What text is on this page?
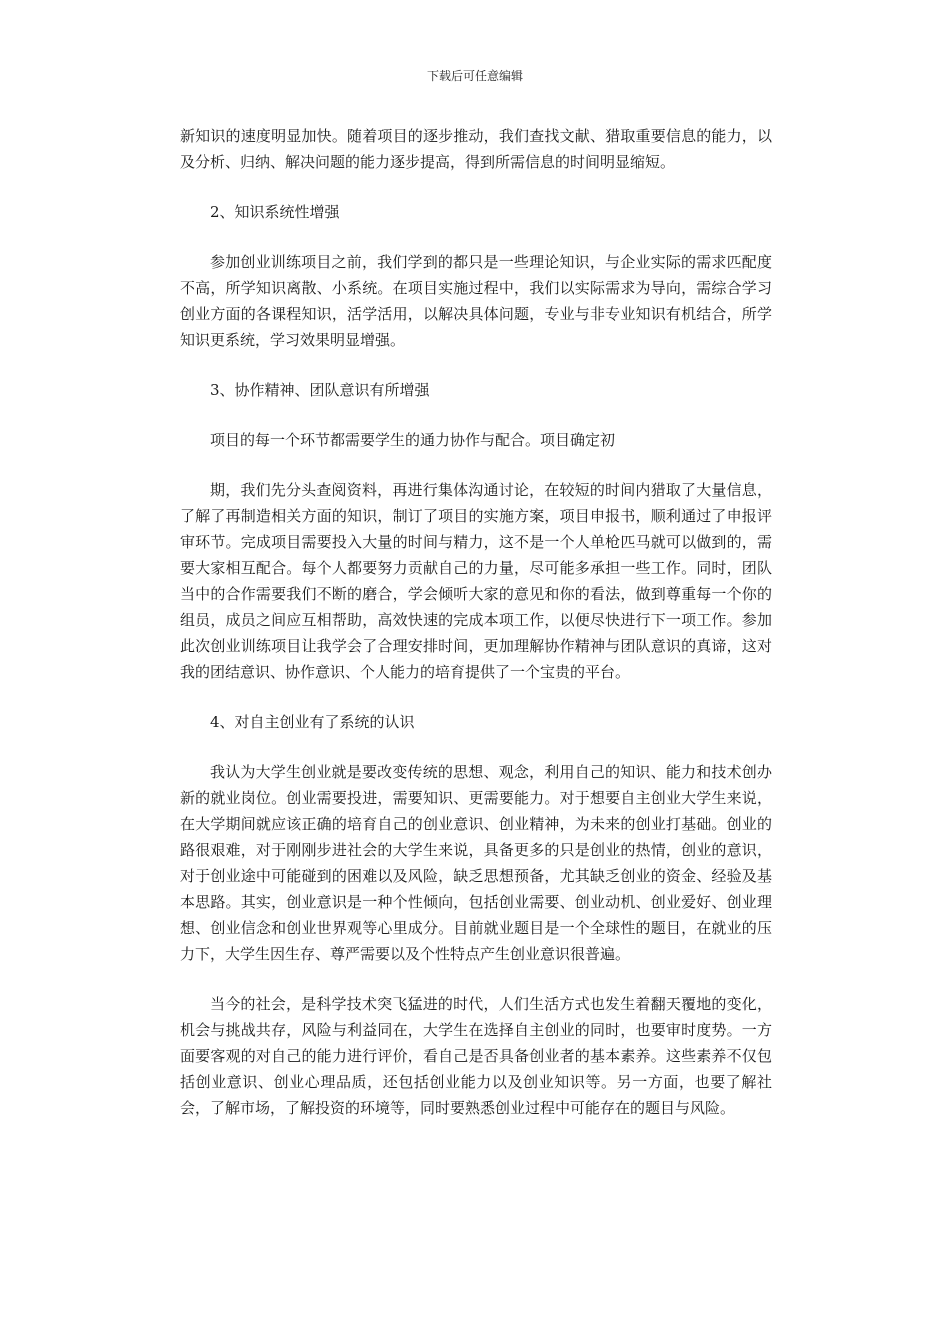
下载后可任意编辑

新知识的速度明显加快。随着项目的逐步推动，我们查找文献、猎取重要信息的能力，以及分析、归纳、解决问题的能力逐步提高，得到所需信息的时间明显缩短。

2、知识系统性增强

参加创业训练项目之前，我们学到的都只是一些理论知识，与企业实际的需求匹配度不高，所学知识离散、小系统。在项目实施过程中，我们以实际需求为导向，需综合学习创业方面的各课程知识，活学活用，以解决具体问题，专业与非专业知识有机结合，所学知识更系统，学习效果明显增强。

3、协作精神、团队意识有所增强

项目的每一个环节都需要学生的通力协作与配合。项目确定初

期，我们先分头查阅资料，再进行集体沟通讨论，在较短的时间内猎取了大量信息，了解了再制造相关方面的知识，制订了项目的实施方案，项目申报书，顺利通过了申报评审环节。完成项目需要投入大量的时间与精力，这不是一个人单枪匹马就可以做到的，需要大家相互配合。每个人都要努力贡献自己的力量，尽可能多承担一些工作。同时，团队当中的合作需要我们不断的磨合，学会倾听大家的意见和你的看法，做到尊重每一个你的组员，成员之间应互相帮助，高效快速的完成本项工作，以便尽快进行下一项工作。参加此次创业训练项目让我学会了合理安排时间，更加理解协作精神与团队意识的真谛，这对我的团结意识、协作意识、个人能力的培育提供了一个宝贵的平台。

4、对自主创业有了系统的认识

我认为大学生创业就是要改变传统的思想、观念，利用自己的知识、能力和技术创办新的就业岗位。创业需要投进，需要知识、更需要能力。对于想要自主创业大学生来说，在大学期间就应该正确的培育自己的创业意识、创业精神，为未来的创业打基础。创业的路很艰难，对于刚刚步进社会的大学生来说，具备更多的只是创业的热情，创业的意识，对于创业途中可能碰到的困难以及风险，缺乏思想预备，尤其缺乏创业的资金、经验及基本思路。其实，创业意识是一种个性倾向，包括创业需要、创业动机、创业爱好、创业理想、创业信念和创业世界观等心里成分。目前就业题目是一个全球性的题目，在就业的压力下，大学生因生存、尊严需要以及个性特点产生创业意识很普遍。

当今的社会，是科学技术突飞猛进的时代，人们生活方式也发生着翻天覆地的变化，机会与挑战共存，风险与利益同在，大学生在选择自主创业的同时，也要审时度势。一方面要客观的对自己的能力进行评价，看自己是否具备创业者的基本素养。这些素养不仅包括创业意识、创业心理品质，还包括创业能力以及创业知识等。另一方面，也要了解社会，了解市场，了解投资的环境等，同时要熟悉创业过程中可能存在的题目与风险。
